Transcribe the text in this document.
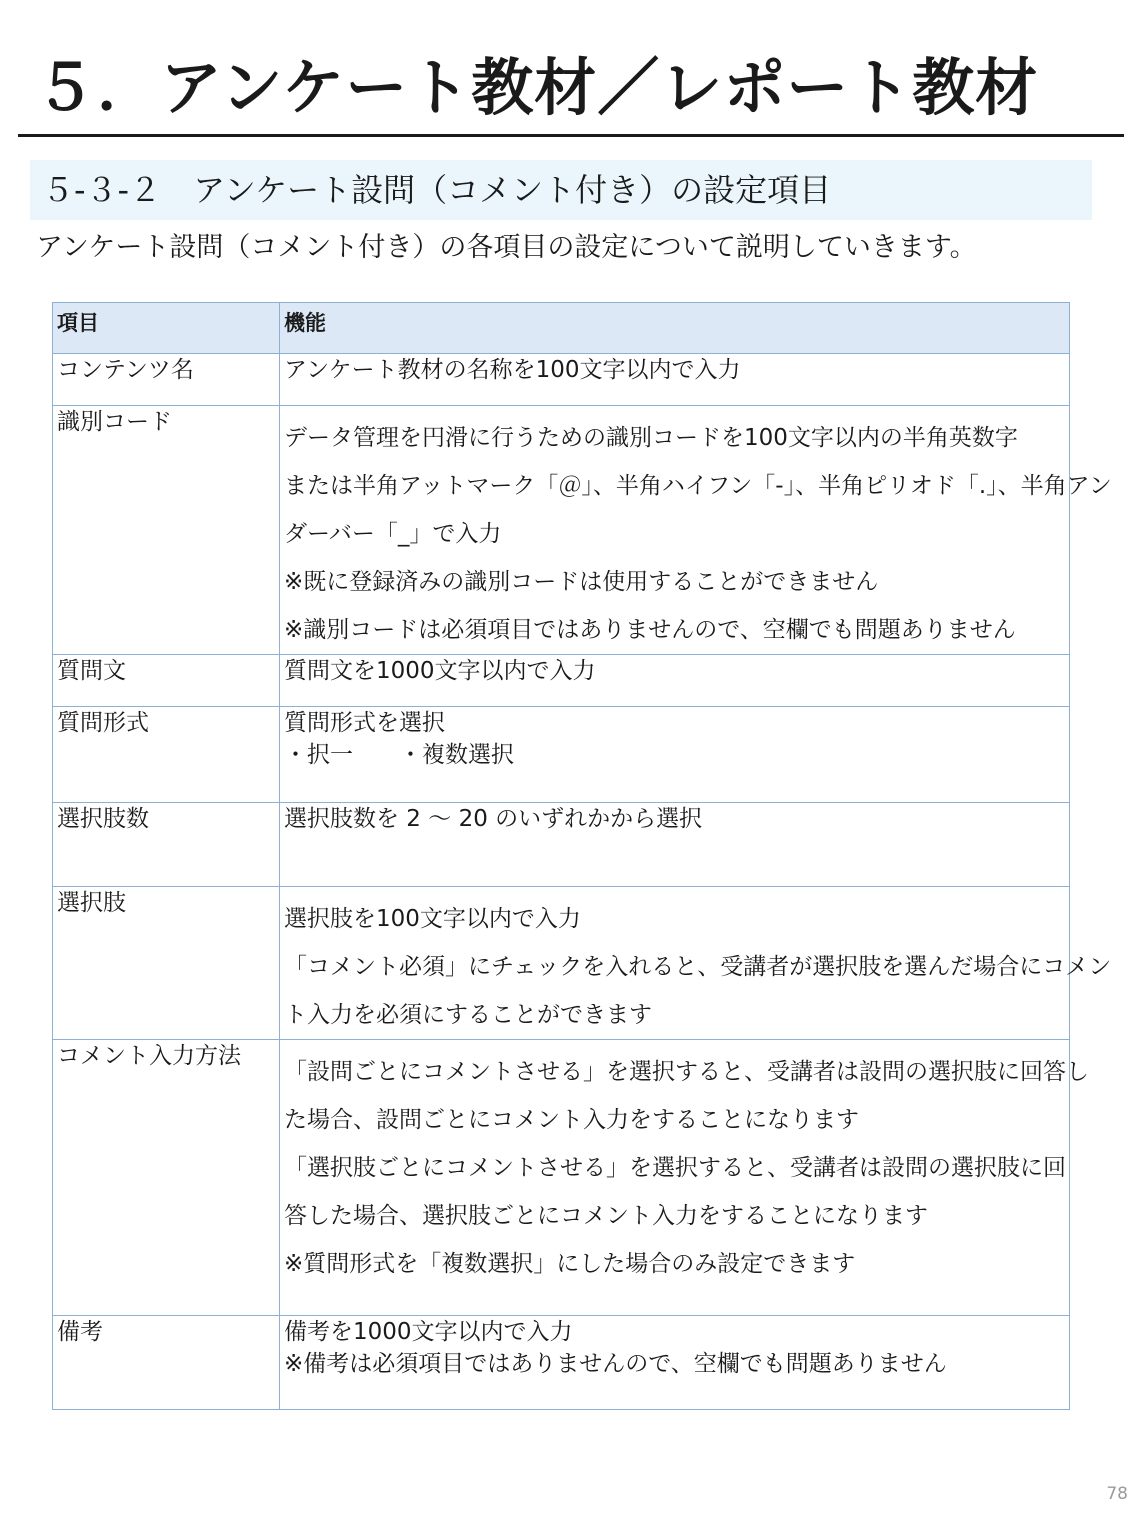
５．アンケート教材／レポート教材
５-３-２　アンケート設問（コメント付き）の設定項目
アンケート設問（コメント付き）の各項目の設定について説明していきます。
項目	機能
コンテンツ名	アンケート教材の名称を100文字以内で入力

識別コード	データ管理を円滑に行うための識別コードを100文字以内の半角英数字
または半角アットマーク「＠」、半角ハイフン「-」、半角ピリオド「.」、半角アン
ダーバー「_」で入力
※既に登録済みの識別コードは使用することができません
※識別コードは必須項目ではありませんので、空欄でも問題ありません

質問文	質問文を1000文字以内で入力

質問形式	質問形式を選択
・択一　　・複数選択

選択肢数	選択肢数を 2 ～ 20 のいずれかから選択

選択肢	選択肢を100文字以内で入力
「コメント必須」にチェックを入れると、受講者が選択肢を選んだ場合にコメン
ト入力を必須にすることができます

コメント入力方法	「設問ごとにコメントさせる」を選択すると、受講者は設問の選択肢に回答し
た場合、設問ごとにコメント入力をすることになります
「選択肢ごとにコメントさせる」を選択すると、受講者は設問の選択肢に回
答した場合、選択肢ごとにコメント入力をすることになります
※質問形式を「複数選択」にした場合のみ設定できます

備考	備考を1000文字以内で入力
※備考は必須項目ではありませんので、空欄でも問題ありません
78
